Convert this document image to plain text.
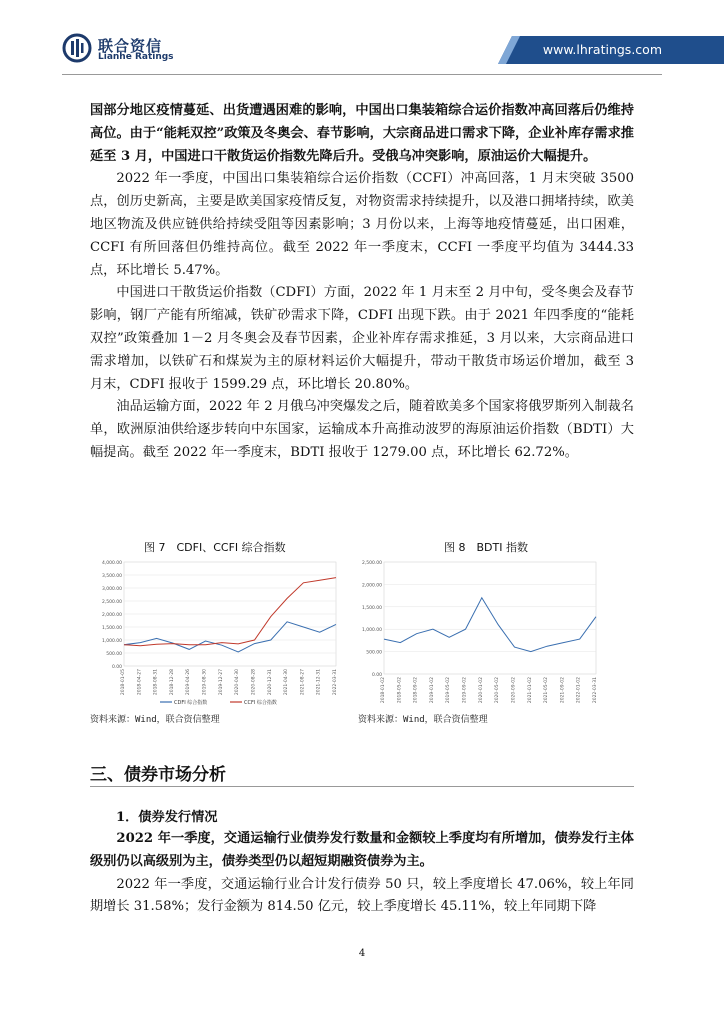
联合资信
Lianhe Ratings	www.lhratings.com

国部分地区疫情蔓延、出货遭遇困难的影响，中国出口集装箱综合运价指数冲高回落后仍维持高位。由于“能耗双控”政策及冬奥会、春节影响，大宗商品进口需求下降，企业补库存需求推延至 3 月，中国进口干散货运价指数先降后升。受俄乌冲突影响，原油运价大幅提升。

2022 年一季度，中国出口集装箱综合运价指数（CCFI）冲高回落，1 月末突破 3500 点，创历史新高，主要是欧美国家疫情反复，对物资需求持续提升，以及港口拥堵持续，欧美地区物流及供应链供给持续受阻等因素影响；3 月份以来，上海等地疫情蔓延，出口困难，CCFI 有所回落但仍维持高位。截至 2022 年一季度末，CCFI 一季度平均值为 3444.33 点，环比增长 5.47%。

中国进口干散货运价指数（CDFI）方面，2022 年 1 月末至 2 月中旬，受冬奥会及春节影响，钢厂产能有所缩减，铁矿砂需求下降，CDFI 出现下跌。由于 2021 年四季度的“能耗双控”政策叠加 1－2 月冬奥会及春节因素，企业补库存需求推延，3 月以来，大宗商品进口需求增加，以铁矿石和煤炭为主的原材料运价大幅提升，带动干散货市场运价增加，截至 3 月末，CDFI 报收于 1599.29 点，环比增长 20.80%。

油品运输方面，2022 年 2 月俄乌冲突爆发之后，随着欧美多个国家将俄罗斯列入制裁名单，欧洲原油供给逐步转向中东国家，运输成本升高推动波罗的海原油运价指数（BDTI）大幅提高。截至 2022 年一季度末，BDTI 报收于 1279.00 点，环比增长 62.72%。

图 7　CDFI、CCFI 综合指数
0.00
500.00
1,000.00
1,500.00
2,000.00
2,500.00
3,000.00
3,500.00
4,000.00
2018-01-05	2018-04-27	2018-08-31	2018-12-28	2019-04-26	2019-08-30	2019-12-27	2020-04-30	2020-08-28	2020-12-31	2021-04-30	2021-08-27	2021-12-31	2022-03-31
CDFI 综合指数	CCFI 综合指数
资料来源：Wind，联合资信整理
图 8　BDTI 指数
0.00
500.00
1,000.00
1,500.00
2,000.00
2,500.00
2018-01-02	2018-05-02	2018-09-02	2019-01-02	2019-05-02	2019-09-02	2020-01-02	2020-05-02	2020-09-02	2021-01-02	2021-05-02	2021-09-02	2022-01-02	2022-03-31
资料来源：Wind，联合资信整理
三、债券市场分析
1．债券发行情况

2022 年一季度，交通运输行业债券发行数量和金额较上季度均有所增加，债券发行主体级别仍以高级别为主，债券类型仍以超短期融资债券为主。

2022 年一季度，交通运输行业合计发行债券 50 只，较上季度增长 47.06%，较上年同期增长 31.58%；发行金额为 814.50 亿元，较上季度增长 45.11%，较上年同期下降

4
